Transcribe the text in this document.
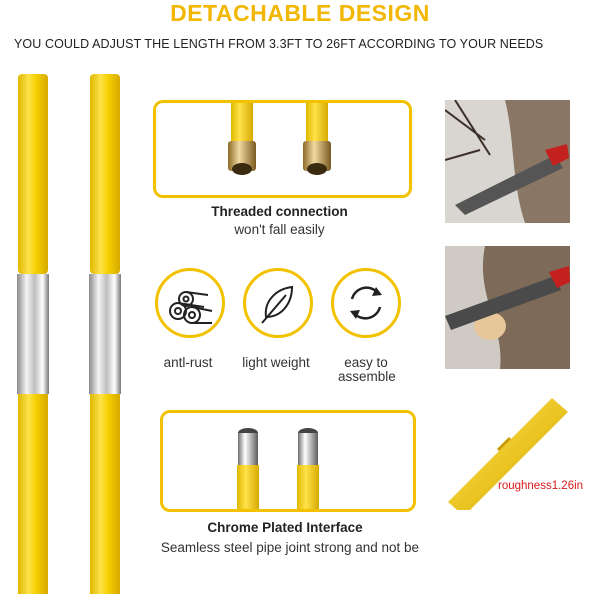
DETACHABLE DESIGN
YOU COULD ADJUST THE LENGTH FROM 3.3FT TO 26FT ACCORDING TO YOUR NEEDS
Threaded connection
won't fall easily
antl-rust	light weight	easy to assemble
Chrome Plated Interface
Seamless steel pipe joint strong and not be
roughness1.26in
